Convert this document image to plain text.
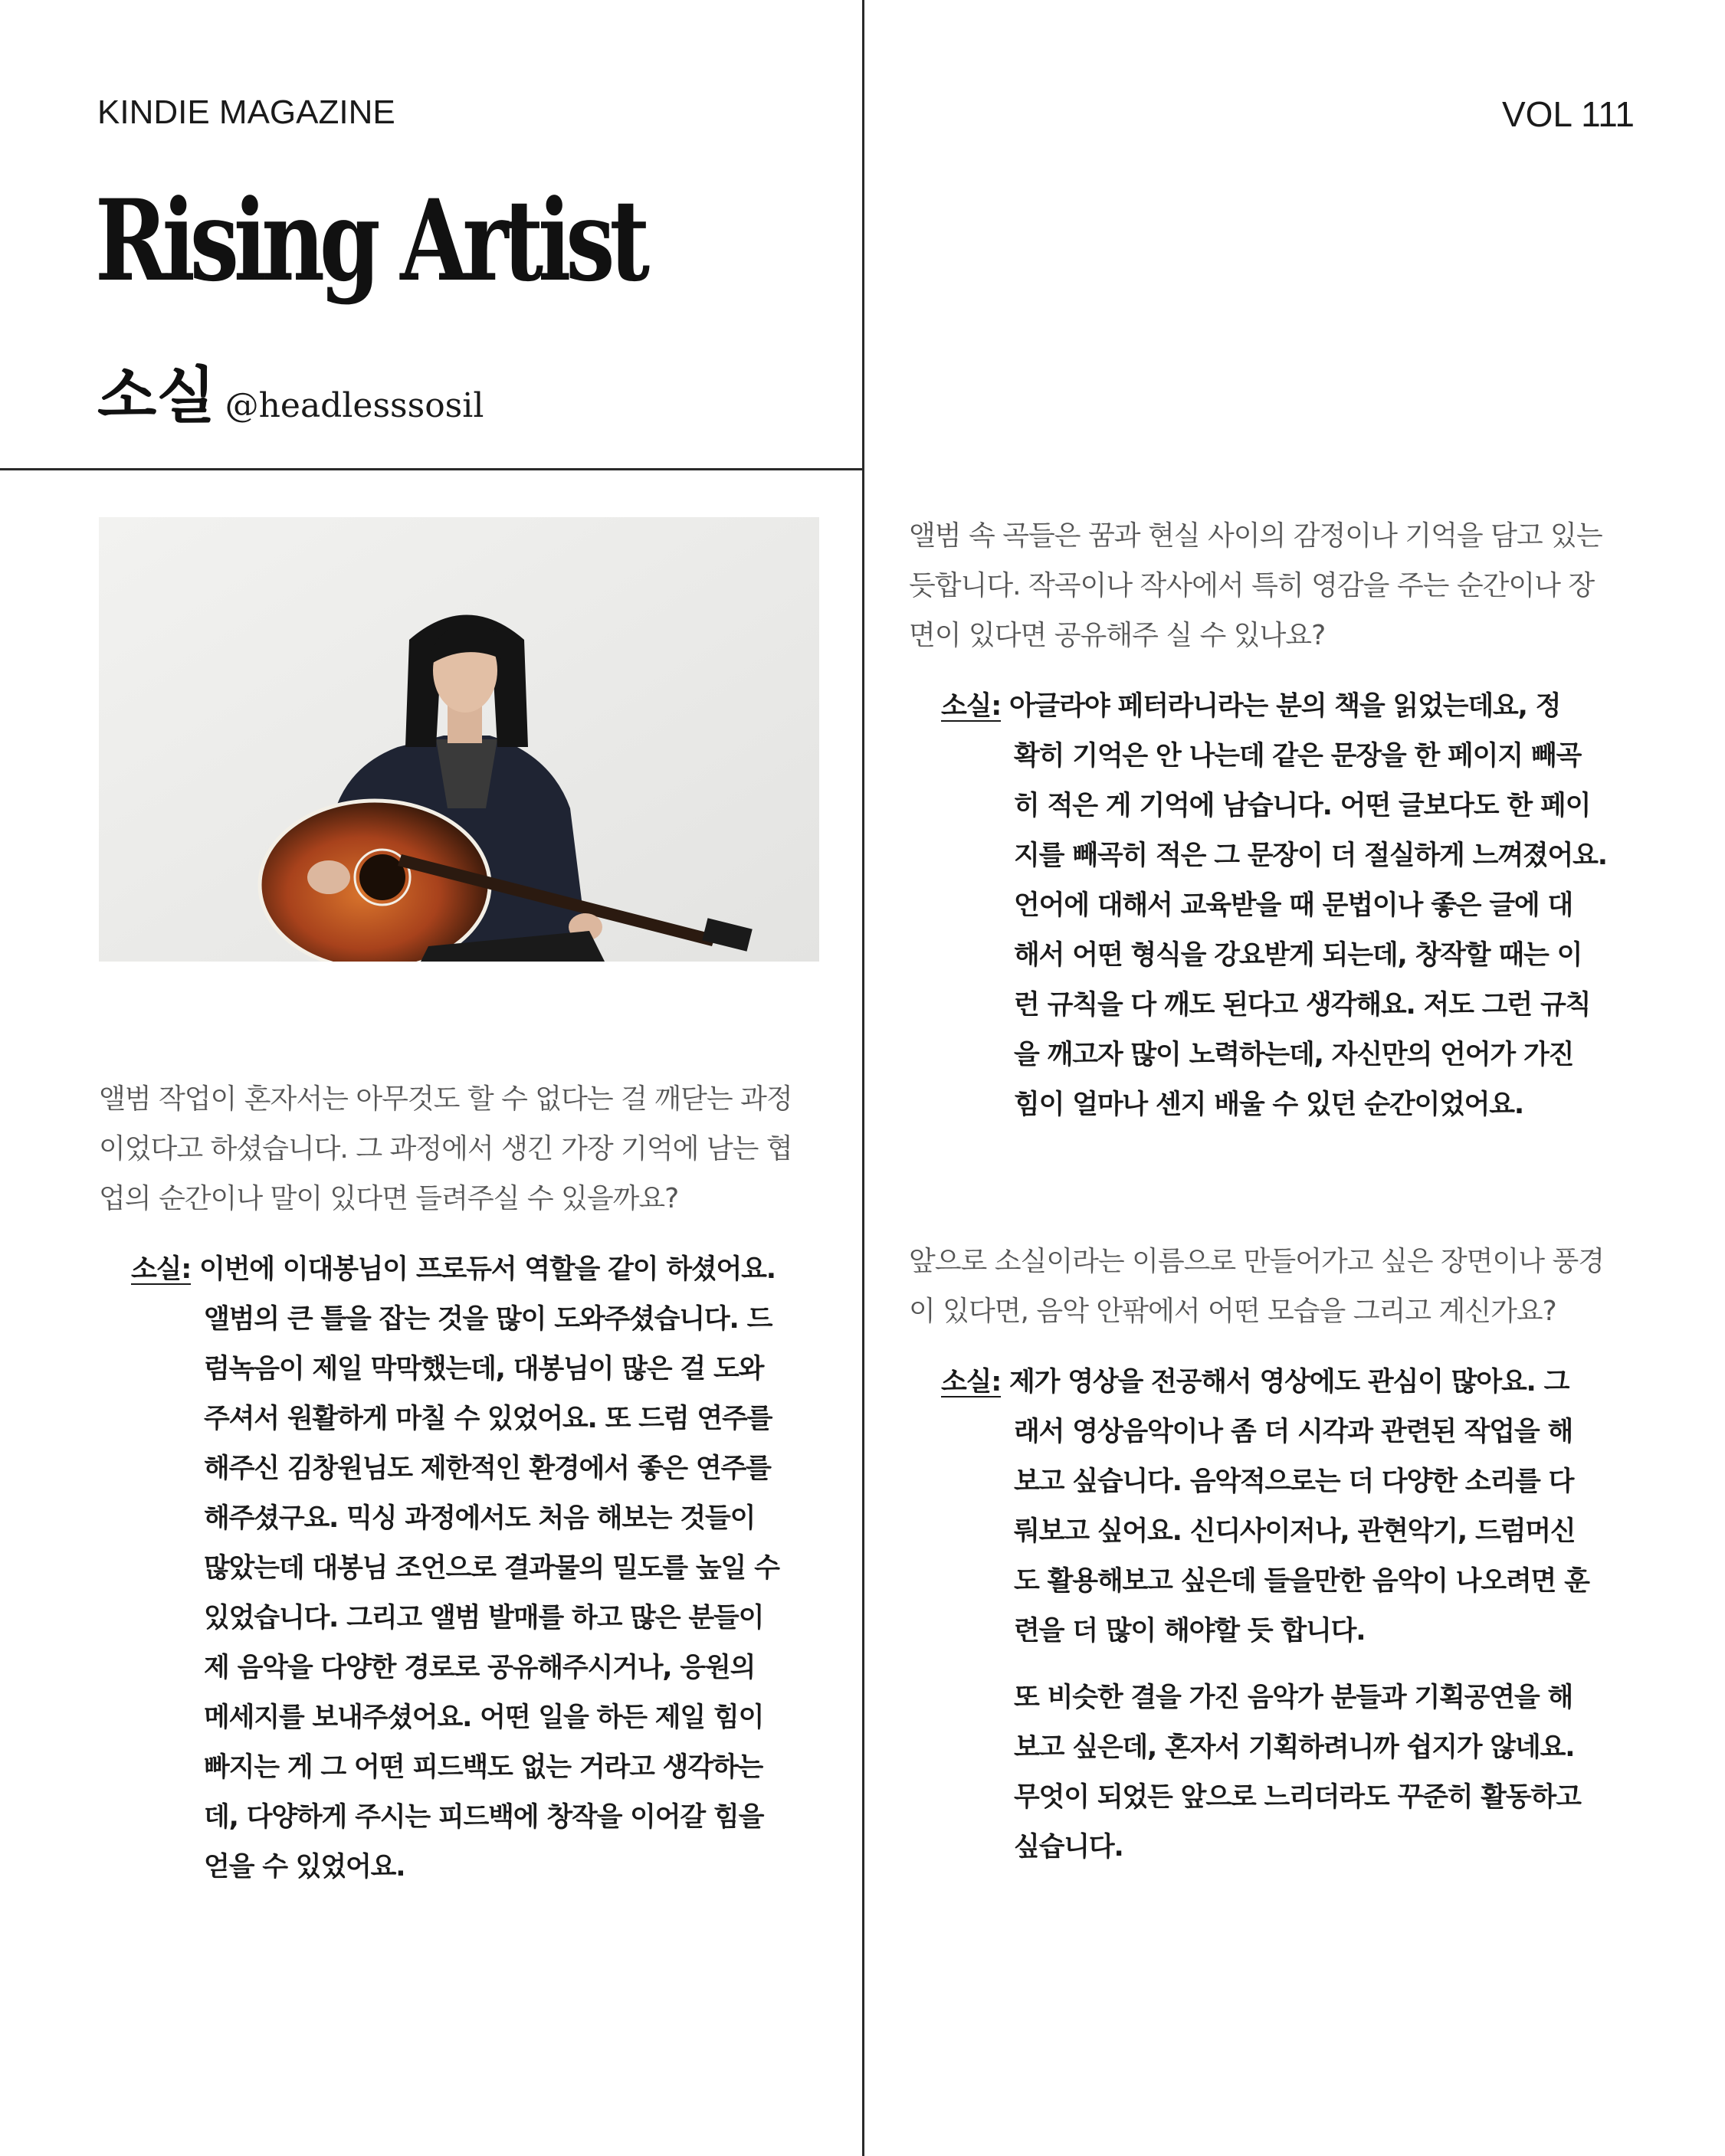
KINDIE MAGAZINE	VOL 111
Rising Artist
소실 @headlesssosil
앨범 작업이 혼자서는 아무것도 할 수 없다는 걸 깨닫는 과정
이었다고 하셨습니다. 그 과정에서 생긴 가장 기억에 남는 협
업의 순간이나 말이 있다면 들려주실 수 있을까요?
소실: 이번에 이대봉님이 프로듀서 역할을 같이 하셨어요.
앨범의 큰 틀을 잡는 것을 많이 도와주셨습니다. 드
럼녹음이 제일 막막했는데, 대봉님이 많은 걸 도와
주셔서 원활하게 마칠 수 있었어요. 또 드럼 연주를
해주신 김창원님도 제한적인 환경에서 좋은 연주를
해주셨구요. 믹싱 과정에서도 처음 해보는 것들이
많았는데 대봉님 조언으로 결과물의 밀도를 높일 수
있었습니다. 그리고 앨범 발매를 하고 많은 분들이
제 음악을 다양한 경로로 공유해주시거나, 응원의
메세지를 보내주셨어요. 어떤 일을 하든 제일 힘이
빠지는 게 그 어떤 피드백도 없는 거라고 생각하는
데, 다양하게 주시는 피드백에 창작을 이어갈 힘을
얻을 수 있었어요.
앨범 속 곡들은 꿈과 현실 사이의 감정이나 기억을 담고 있는
듯합니다. 작곡이나 작사에서 특히 영감을 주는 순간이나 장
면이 있다면 공유해주 실 수 있나요?
소실: 아글라야 페터라니라는 분의 책을 읽었는데요, 정
확히 기억은 안 나는데 같은 문장을 한 페이지 빼곡
히 적은 게 기억에 남습니다. 어떤 글보다도 한 페이
지를 빼곡히 적은 그 문장이 더 절실하게 느껴졌어요.
언어에 대해서 교육받을 때 문법이나 좋은 글에 대
해서 어떤 형식을 강요받게 되는데, 창작할 때는 이
런 규칙을 다 깨도 된다고 생각해요. 저도 그런 규칙
을 깨고자 많이 노력하는데, 자신만의 언어가 가진
힘이 얼마나 센지 배울 수 있던 순간이었어요.
앞으로 소실이라는 이름으로 만들어가고 싶은 장면이나 풍경
이 있다면, 음악 안팎에서 어떤 모습을 그리고 계신가요?
소실: 제가 영상을 전공해서 영상에도 관심이 많아요. 그
래서 영상음악이나 좀 더 시각과 관련된 작업을 해
보고 싶습니다. 음악적으로는 더 다양한 소리를 다
뤄보고 싶어요. 신디사이저나, 관현악기, 드럼머신
도 활용해보고 싶은데 들을만한 음악이 나오려면 훈
련을 더 많이 해야할 듯 합니다.
또 비슷한 결을 가진 음악가 분들과 기획공연을 해
보고 싶은데, 혼자서 기획하려니까 쉽지가 않네요.
무엇이 되었든 앞으로 느리더라도 꾸준히 활동하고
싶습니다.
